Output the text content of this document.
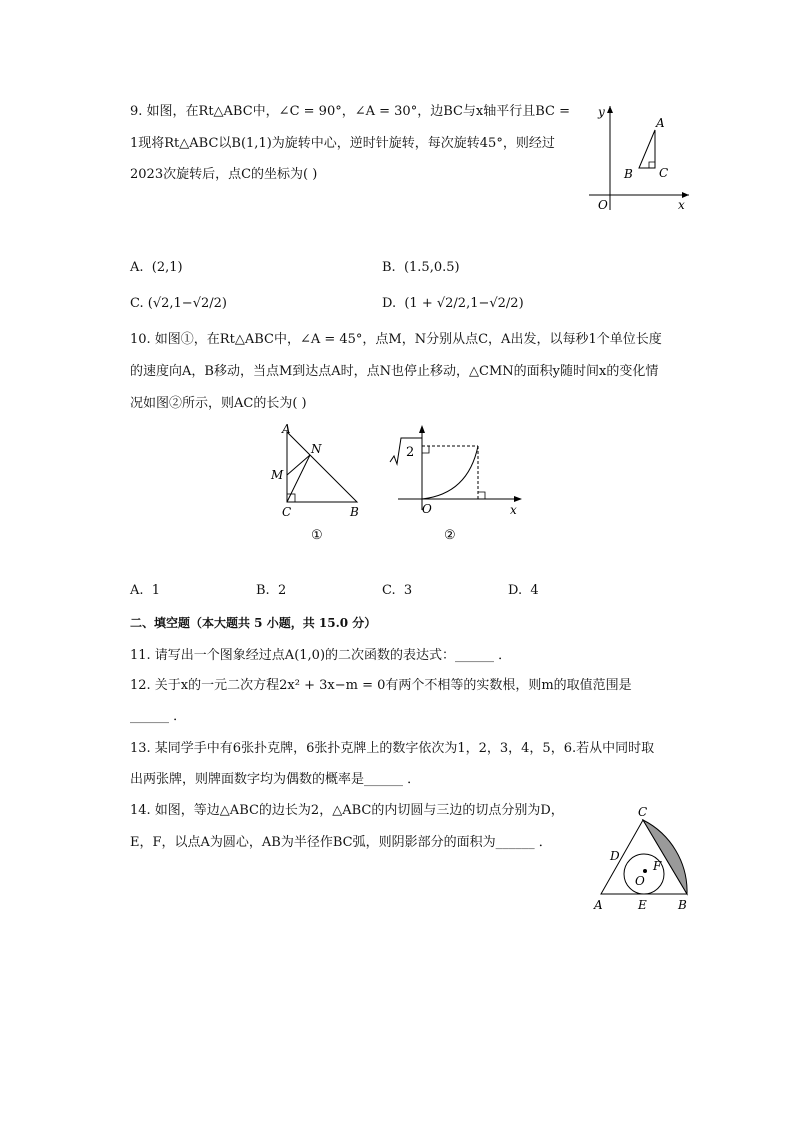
9. 如图，在Rt△ABC中，∠C = 90°，∠A = 30°，边BC与x轴平行且BC =
1现将Rt△ABC以B(1,1)为旋转中心，逆时针旋转，每次旋转45°，则经过
2023次旋转后，点C的坐标为( )
y
x
O
A
B C
A. (2,1)	B. (1.5,0.5)
C. (√2,1−√2/2)	D. (1 + √2/2,1−√2/2)
10. 如图①，在Rt△ABC中，∠A = 45°，点M，N分别从点C，A出发，以每秒1个单位长度
的速度向A，B移动，当点M到达点A时，点N也停止移动，△CMN的面积y随时间x的变化情
况如图②所示，则AC的长为( )
A
N
M
C	B
①
2
O	x
②
A. 1	B. 2	C. 3	D. 4
二、填空题（本大题共 5 小题，共 15.0 分）
11. 请写出一个图象经过点A(1,0)的二次函数的表达式：______ ．
12. 关于x的一元二次方程2x² + 3x−m = 0有两个不相等的实数根，则m的取值范围是
______ ．
13. 某同学手中有6张扑克牌，6张扑克牌上的数字依次为1，2，3，4，5，6.若从中同时取
出两张牌，则牌面数字均为偶数的概率是______ ．
14. 如图，等边△ABC的边长为2，△ABC的内切圆与三边的切点分别为D，
E，F，以点A为圆心，AB为半径作BC弧，则阴影部分的面积为______ ．
C
D
F
O
A	E	B
